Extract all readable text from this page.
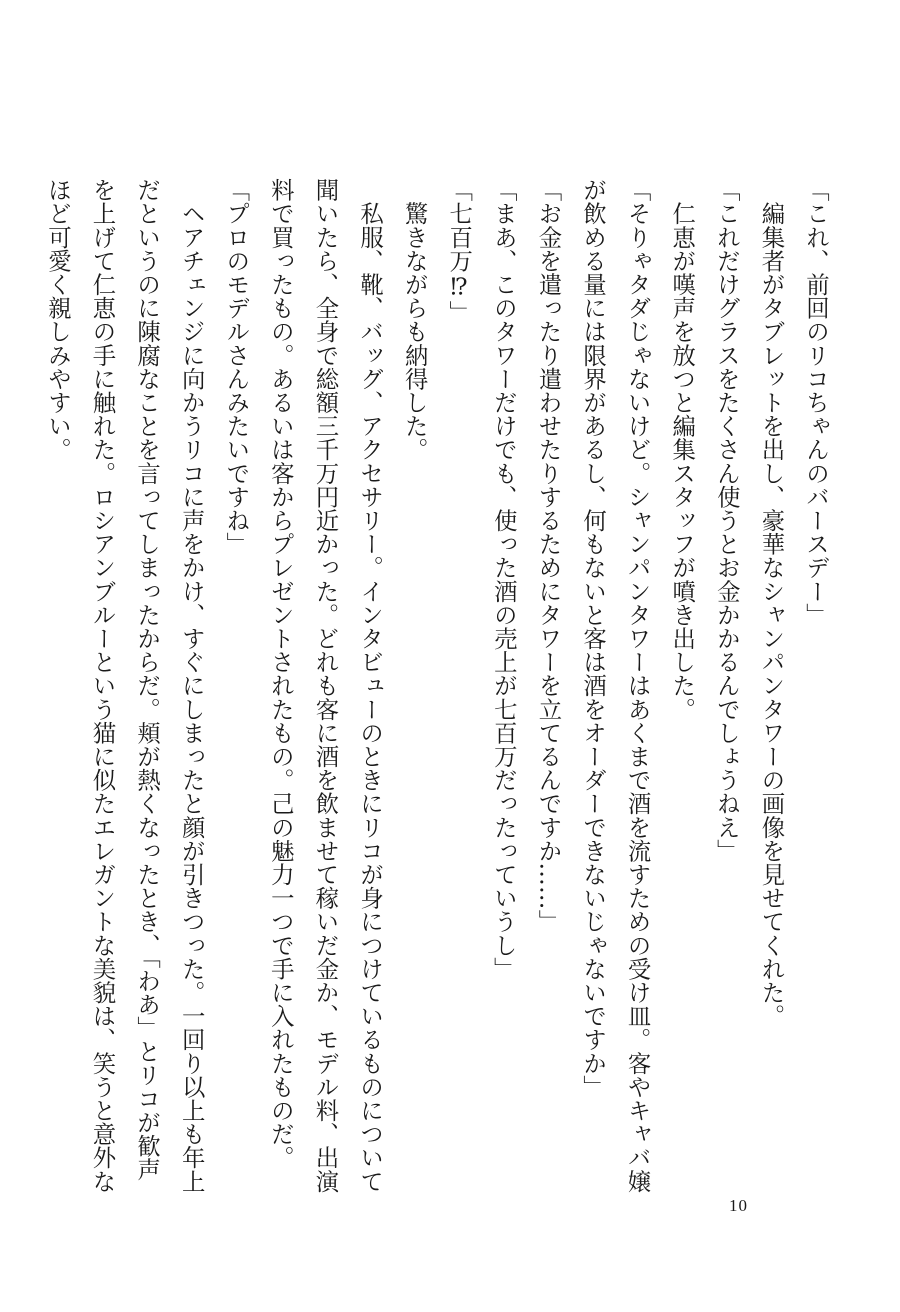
「これ、前回のリコちゃんのバースデー」
　編集者がタブレットを出し、豪華なシャンパンタワーの画像を見せてくれた。
「これだけグラスをたくさん使うとお金かかるんでしょうねえ」
　仁恵が嘆声を放つと編集スタッフが噴き出した。
「そりゃタダじゃないけど。シャンパンタワーはあくまで酒を流すための受け皿。客やキャバ嬢
が飲める量には限界があるし、何もないと客は酒をオーダーできないじゃないですか」
「お金を遣ったり遣わせたりするためにタワーを立てるんですか……」
「まあ、このタワーだけでも、使った酒の売上が七百万だったっていうし」
「七百万⁉」
　驚きながらも納得した。
　私服、靴、バッグ、アクセサリー。インタビューのときにリコが身につけているものについて
聞いたら、全身で総額三千万円近かった。どれも客に酒を飲ませて稼いだ金か、モデル料、出演
料で買ったもの。あるいは客からプレゼントされたもの。己の魅力一つで手に入れたものだ。
「プロのモデルさんみたいですね」
　ヘアチェンジに向かうリコに声をかけ、すぐにしまったと顔が引きつった。一回り以上も年上
だというのに陳腐なことを言ってしまったからだ。頬が熱くなったとき、「わあ」とリコが歓声
を上げて仁恵の手に触れた。ロシアンブルーという猫に似たエレガントな美貌は、笑うと意外な
ほど可愛く親しみやすい。
10
